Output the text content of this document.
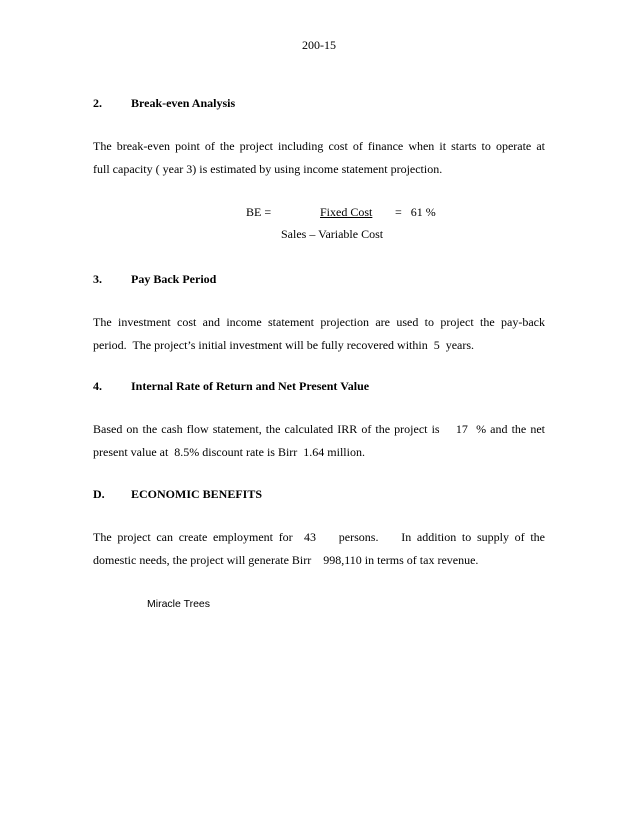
200-15
2. Break-even Analysis
The break-even point of the project including cost of finance when it starts to operate at
full capacity ( year 3) is estimated by using income statement projection.
BE =	Fixed Cost =   61 %
Sales – Variable Cost
3. Pay Back Period
The investment cost and income statement projection are used to project the pay-back
period.  The project’s initial investment will be fully recovered within  5  years.
4. Internal Rate of Return and Net Present Value
Based on the cash flow statement, the calculated IRR of the project is    17  % and the net
present value at  8.5% discount rate is Birr  1.64 million.
D. ECONOMIC BENEFITS
The project can create employment for  43    persons.    In addition to supply of the
domestic needs, the project will generate Birr    998,110 in terms of tax revenue.
Miracle Trees
